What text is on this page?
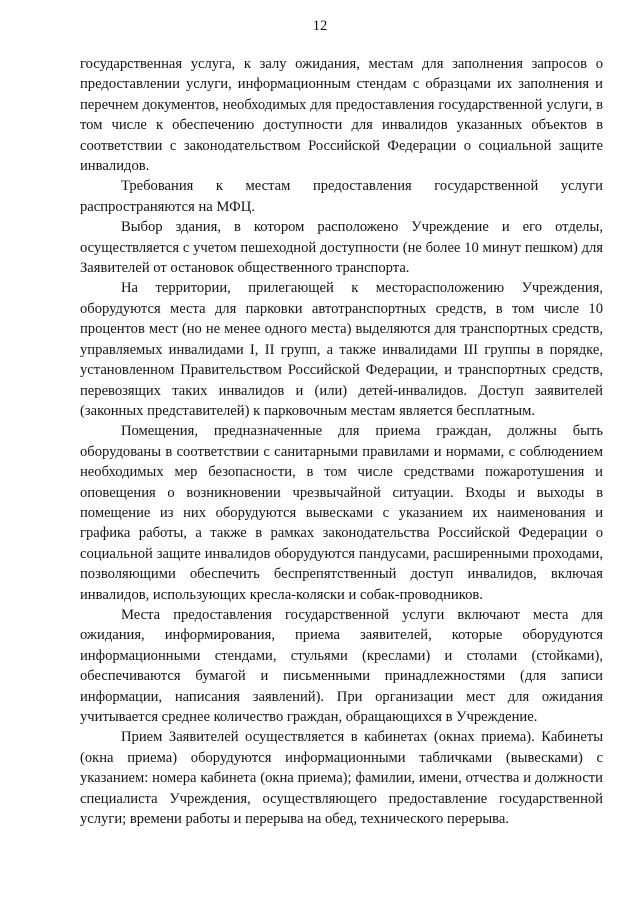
12

государственная услуга, к залу ожидания, местам для заполнения запросов о предоставлении услуги, информационным стендам с образцами их заполнения и перечнем документов, необходимых для предоставления государственной услуги, в том числе к обеспечению доступности для инвалидов указанных объектов в соответствии с законодательством Российской Федерации о социальной защите инвалидов.

Требования к местам предоставления государственной услуги распространяются на МФЦ.

Выбор здания, в котором расположено Учреждение и его отделы, осуществляется с учетом пешеходной доступности (не более 10 минут пешком) для Заявителей от остановок общественного транспорта.

На территории, прилегающей к месторасположению Учреждения, оборудуются места для парковки автотранспортных средств, в том числе 10 процентов мест (но не менее одного места) выделяются для транспортных средств, управляемых инвалидами I, II групп, а также инвалидами III группы в порядке, установленном Правительством Российской Федерации, и транспортных средств, перевозящих таких инвалидов и (или) детей-инвалидов. Доступ заявителей (законных представителей) к парковочным местам является бесплатным.

Помещения, предназначенные для приема граждан, должны быть оборудованы в соответствии с санитарными правилами и нормами, с соблюдением необходимых мер безопасности, в том числе средствами пожаротушения и оповещения о возникновении чрезвычайной ситуации. Входы и выходы в помещение из них оборудуются вывесками с указанием их наименования и графика работы, а также в рамках законодательства Российской Федерации о социальной защите инвалидов оборудуются пандусами, расширенными проходами, позволяющими обеспечить беспрепятственный доступ инвалидов, включая инвалидов, использующих кресла-коляски и собак-проводников.

Места предоставления государственной услуги включают места для ожидания, информирования, приема заявителей, которые оборудуются информационными стендами, стульями (креслами) и столами (стойками), обеспечиваются бумагой и письменными принадлежностями (для записи информации, написания заявлений). При организации мест для ожидания учитывается среднее количество граждан, обращающихся в Учреждение.

Прием Заявителей осуществляется в кабинетах (окнах приема). Кабинеты (окна приема) оборудуются информационными табличками (вывесками) с указанием: номера кабинета (окна приема); фамилии, имени, отчества и должности специалиста Учреждения, осуществляющего предоставление государственной услуги; времени работы и перерыва на обед, технического перерыва.
